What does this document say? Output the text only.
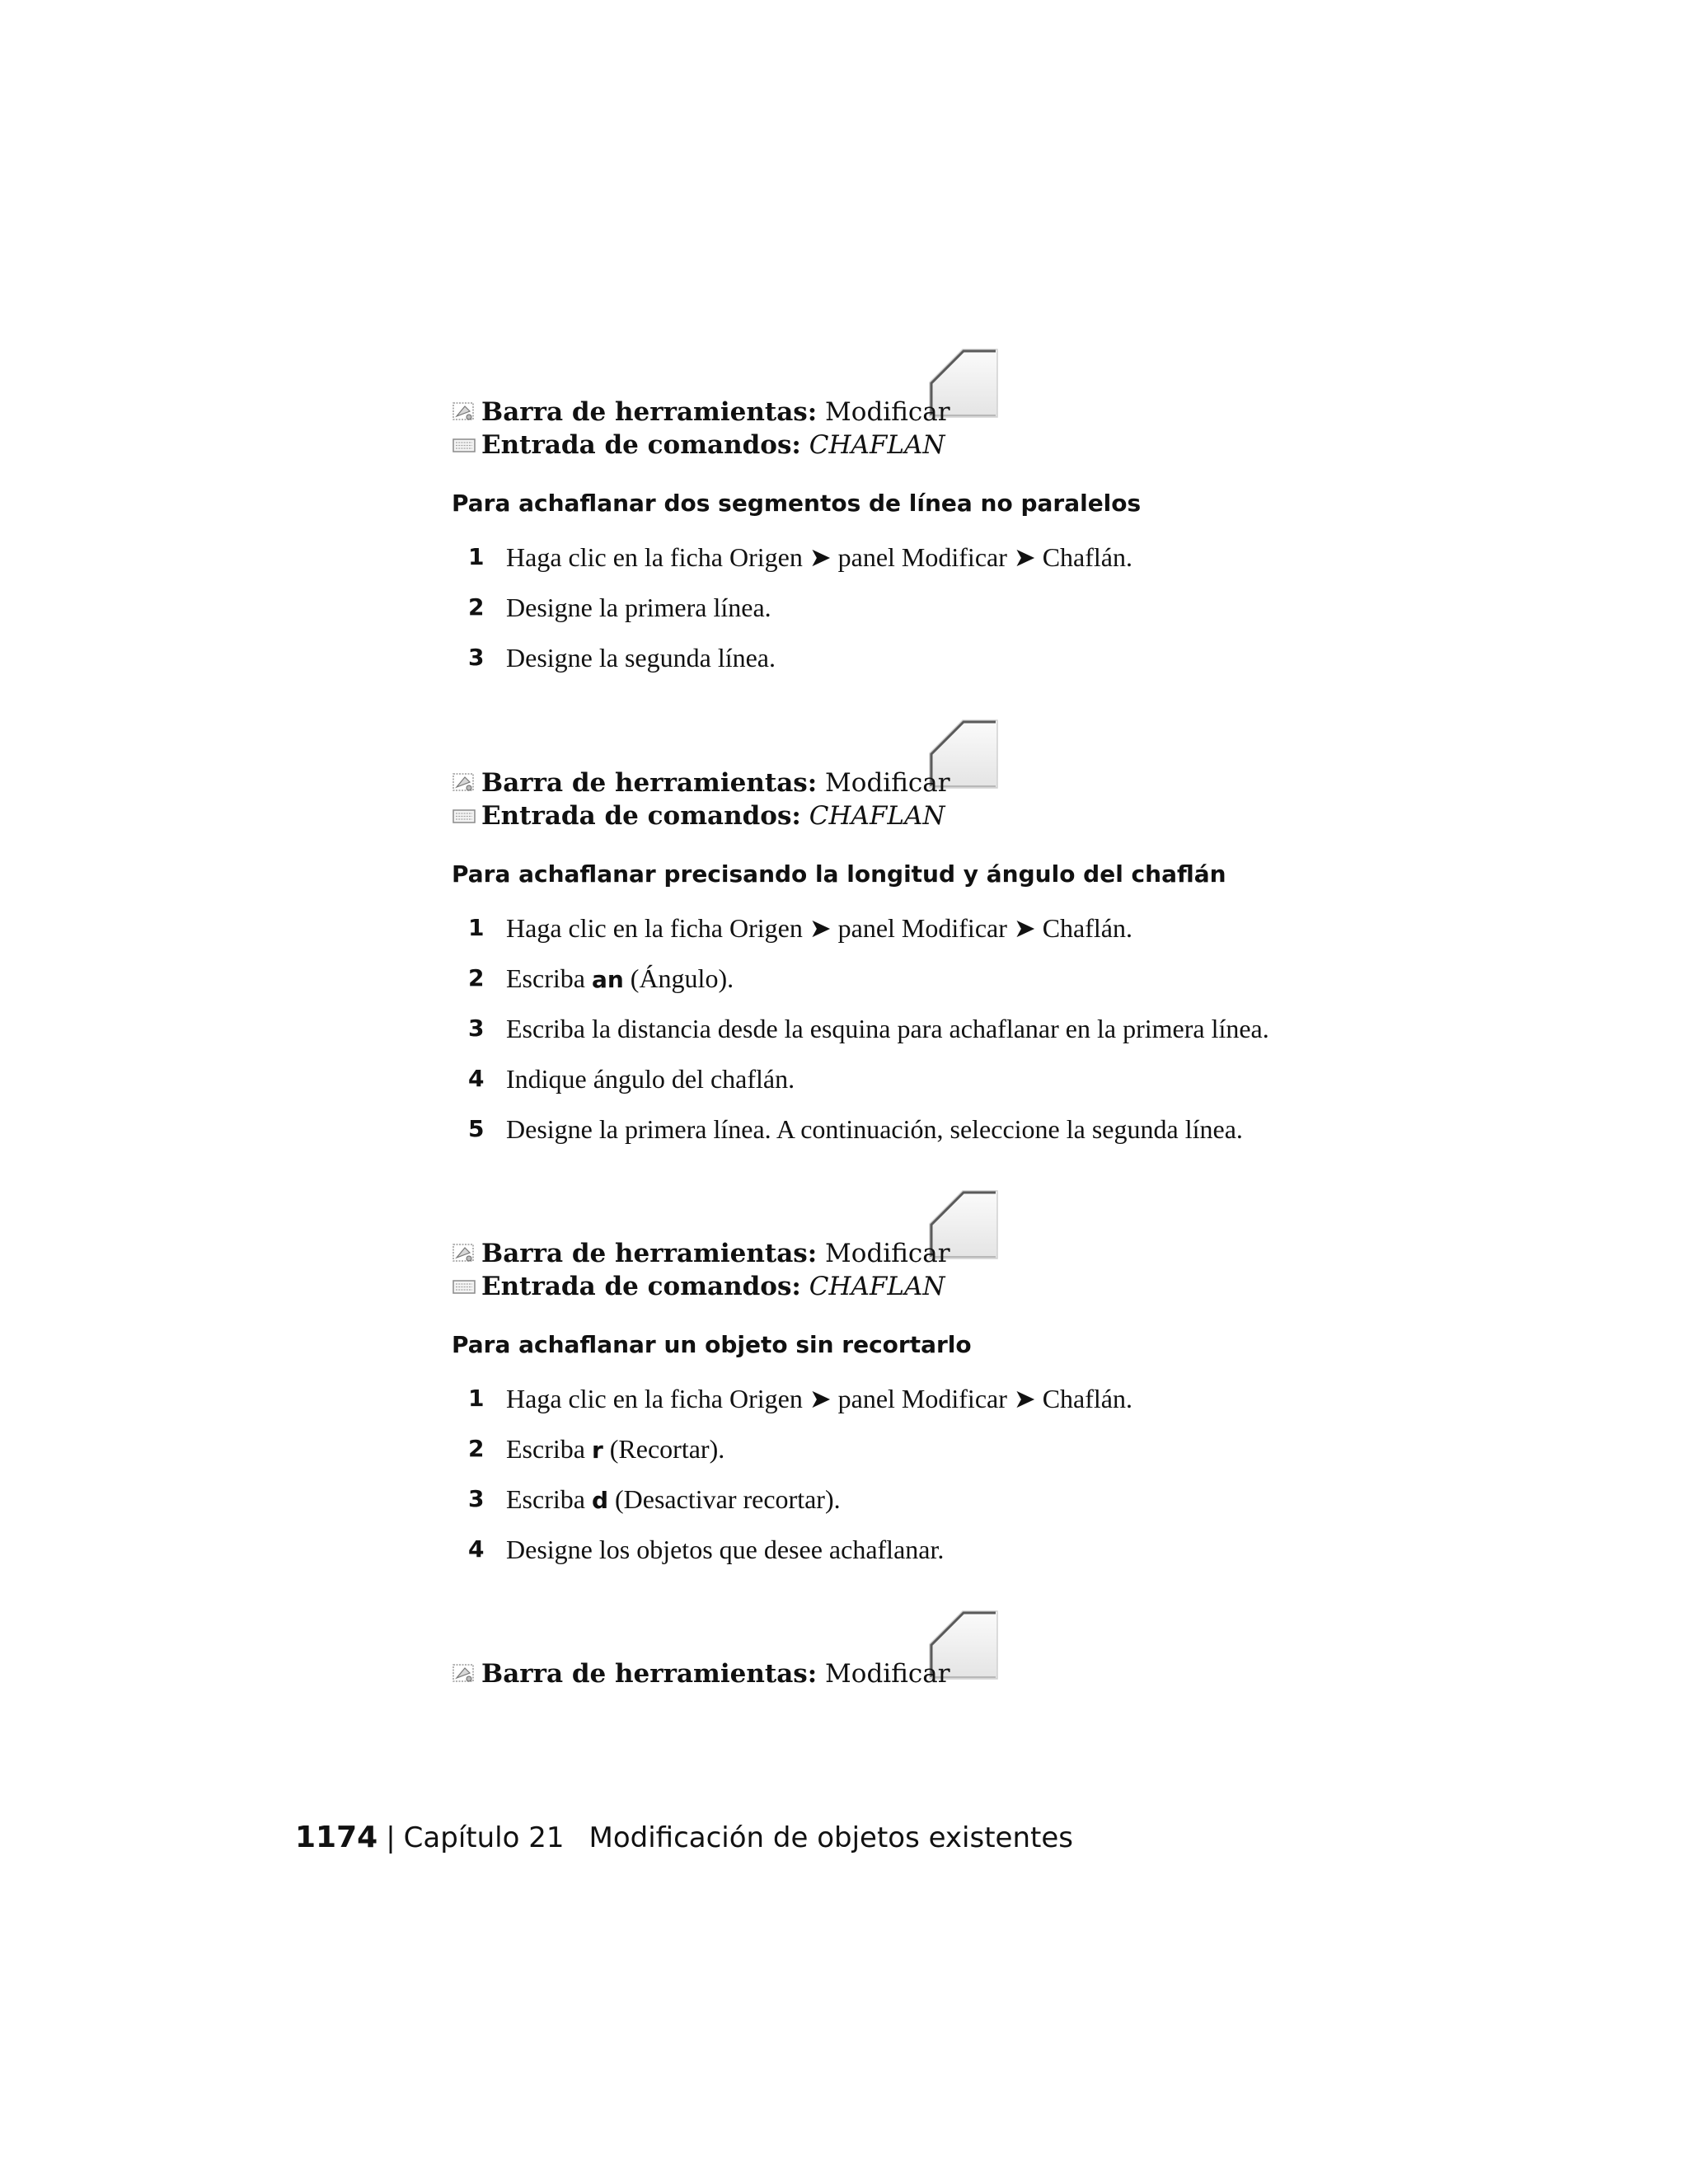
Barra de herramientas: Modificar
Entrada de comandos: CHAFLAN

Para achaflanar dos segmentos de línea no paralelos

1 Haga clic en la ficha Origen ➤ panel Modificar ➤ Chaflán.
2 Designe la primera línea.
3 Designe la segunda línea.
Barra de herramientas: Modificar
Entrada de comandos: CHAFLAN

Para achaflanar precisando la longitud y ángulo del chaflán

1 Haga clic en la ficha Origen ➤ panel Modificar ➤ Chaflán.
2 Escriba an (Ángulo).
3 Escriba la distancia desde la esquina para achaflanar en la primera línea.
4 Indique ángulo del chaflán.
5 Designe la primera línea. A continuación, seleccione la segunda línea.
Barra de herramientas: Modificar
Entrada de comandos: CHAFLAN

Para achaflanar un objeto sin recortarlo

1 Haga clic en la ficha Origen ➤ panel Modificar ➤ Chaflán.
2 Escriba r (Recortar).
3 Escriba d (Desactivar recortar).
4 Designe los objetos que desee achaflanar.
Barra de herramientas: Modificar
1174 | Capítulo 21 Modificación de objetos existentes
